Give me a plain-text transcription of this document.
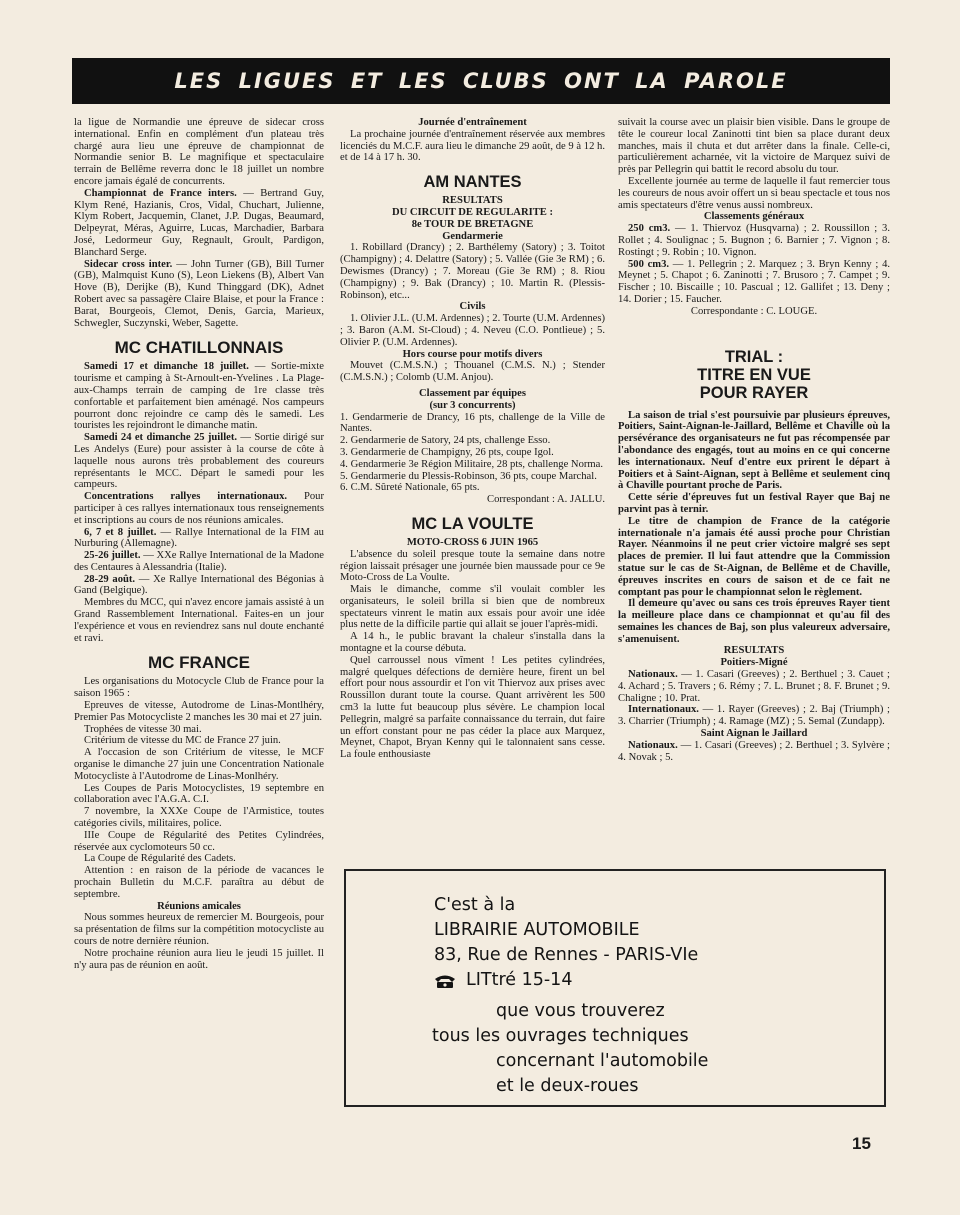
LES LIGUES ET LES CLUBS ONT LA PAROLE

la ligue de Normandie une épreuve de sidecar cross international. Enfin en complément d'un plateau très chargé aura lieu une épreuve de championnat de Normandie senior B. Le magnifique et spectaculaire terrain de Bellême reverra donc le 18 juillet un nombre encore jamais égalé de concurrents.

Championnat de France inters. — Bertrand Guy, Klym René, Hazianis, Cros, Vidal, Chuchart, Julienne, Klym Robert, Jacquemin, Clanet, J.P. Dugas, Beaumard, Delpeyrat, Méras, Aguirre, Lucas, Marchadier, Barbara José, Ledormeur Guy, Regnault, Groult, Pardigon, Blanchard Serge.

Sidecar cross inter. — John Turner (GB), Bill Turner (GB), Malmquist Kuno (S), Leon Liekens (B), Albert Van Hove (B), Derijke (B), Kund Thinggard (DK), Adnet Robert avec sa passagère Claire Blaise, et pour la France : Barat, Bourgeois, Clemot, Denis, Garcia, Marieux, Schwegler, Suczynski, Weber, Sagette.

MC CHATILLONNAIS

Samedi 17 et dimanche 18 juillet. — Sortie-mixte tourisme et camping à St-Arnoult-en-Yvelines . La Plage-aux-Champs terrain de camping de 1re classe très confortable et parfaitement bien aménagé. Nos campeurs pourront donc rejoindre ce camp dès le samedi. Les touristes les rejoindront le dimanche matin.

Samedi 24 et dimanche 25 juillet. — Sortie dirigé sur Les Andelys (Eure) pour assister à la course de côte à laquelle nous aurons très probablement des coureurs représentants le MCC. Départ le samedi pour les campeurs.

Concentrations rallyes internationaux. Pour participer à ces rallyes internationaux tous renseignements et inscriptions au cours de nos réunions amicales.

6, 7 et 8 juillet. — Rallye International de la FIM au Nurburing (Allemagne).

25-26 juillet. — XXe Rallye International de la Madone des Centaures à Alessandria (Italie).

28-29 août. — Xe Rallye International des Bégonias à Gand (Belgique).

Membres du MCC, qui n'avez encore jamais assisté à un Grand Rassemblement International. Faites-en un jour l'expérience et vous en reviendrez sans nul doute enchanté et ravi.

MC FRANCE

Les organisations du Motocycle Club de France pour la saison 1965 :

Epreuves de vitesse, Autodrome de Linas-Montlhéry, Premier Pas Motocycliste 2 manches les 30 mai et 27 juin.

Trophées de vitesse 30 mai.

Critérium de vitesse du MC de France 27 juin.

A l'occasion de son Critérium de vitesse, le MCF organise le dimanche 27 juin une Concentration Nationale Motocycliste à l'Autodrome de Linas-Monlhéry.

Les Coupes de Paris Motocyclistes, 19 septembre en collaboration avec l'A.G.A. C.I.

7 novembre, la XXXe Coupe de l'Armistice, toutes catégories civils, militaires, police.

IIIe Coupe de Régularité des Petites Cylindrées, réservée aux cyclomoteurs 50 cc.

La Coupe de Régularité des Cadets.

Attention : en raison de la période de vacances le prochain Bulletin du M.C.F. paraîtra au début de septembre.

Réunions amicales

Nous sommes heureux de remercier M. Bourgeois, pour sa présentation de films sur la compétition motocycliste au cours de notre dernière réunion.

Notre prochaine réunion aura lieu le jeudi 15 juillet. Il n'y aura pas de réunion en août.

Journée d'entraînement

La prochaine journée d'entraînement réservée aux membres licenciés du M.C.F. aura lieu le dimanche 29 août, de 9 à 12 h. et de 14 à 17 h. 30.

AM NANTES

RESULTATS

DU CIRCUIT DE REGULARITE :

8e TOUR DE BRETAGNE

Gendarmerie

1. Robillard (Drancy) ; 2. Barthélemy (Satory) ; 3. Toitot (Champigny) ; 4. Delattre (Satory) ; 5. Vallée (Gie 3e RM) ; 6. Dewismes (Drancy) ; 7. Moreau (Gie 3e RM) ; 8. Riou (Champigny) ; 9. Bak (Drancy) ; 10. Martin R. (Plessis-Robinson), etc...

Civils

1. Olivier J.L. (U.M. Ardennes) ; 2. Tourte (U.M. Ardennes) ; 3. Baron (A.M. St-Cloud) ; 4. Neveu (C.O. Pontlieue) ; 5. Olivier P. (U.M. Ardennes).

Hors course pour motifs divers

Mouvet (C.M.S.N.) ; Thouanel (C.M.S. N.) ; Stender (C.M.S.N.) ; Colomb (U.M. Anjou).

Classement par équipes

(sur 3 concurrents)

1. Gendarmerie de Drancy, 16 pts, challenge de la Ville de Nantes.

2. Gendarmerie de Satory, 24 pts, challenge Esso.

3. Gendarmerie de Champigny, 26 pts, coupe Igol.

4. Gendarmerie 3e Région Militaire, 28 pts, challenge Norma.

5. Gendarmerie du Plessis-Robinson, 36 pts, coupe Marchal.

6. C.M. Sûreté Nationale, 65 pts.

Correspondant : A. JALLU.

MC LA VOULTE

MOTO-CROSS 6 JUIN 1965

L'absence du soleil presque toute la semaine dans notre région laissait présager une journée bien maussade pour ce 9e Moto-Cross de La Voulte.

Mais le dimanche, comme s'il voulait combler les organisateurs, le soleil brilla si bien que de nombreux spectateurs vinrent le matin aux essais pour avoir une idée plus nette de la difficile partie qui allait se jouer l'après-midi.

A 14 h., le public bravant la chaleur s'installa dans la montagne et la course débuta.

Quel carroussel nous vîment ! Les petites cylindrées, malgré quelques défections de dernière heure, firent un bel effort pour nous assourdir et l'on vit Thiervoz aux prises avec Roussillon durant toute la course. Quant arrivèrent les 500 cm3 la lutte fut beaucoup plus sévère. Le champion local Pellegrin, malgré sa parfaite connaissance du terrain, dut faire un effort constant pour ne pas céder la place aux Marquez, Meynet, Chapot, Bryan Kenny qui le talonnaient sans cesse. La foule enthousiaste

suivait la course avec un plaisir bien visible. Dans le groupe de tête le coureur local Zaninotti tint bien sa place durant deux manches, mais il chuta et dut arrêter dans la finale. Celle-ci, particulièrement acharnée, vit la victoire de Marquez suivi de près par Pellegrin qui battit le record absolu du tour.

Excellente journée au terme de laquelle il faut remercier tous les coureurs de nous avoir offert un si beau spectacle et tous nos amis spectateurs d'être venus aussi nombreux.

Classements généraux

250 cm3. — 1. Thiervoz (Husqvarna) ; 2. Roussillon ; 3. Rollet ; 4. Soulignac ; 5. Bugnon ; 6. Barnier ; 7. Vignon ; 8. Rostingt ; 9. Robin ; 10. Vignon.

500 cm3. — 1. Pellegrin ; 2. Marquez ; 3. Bryn Kenny ; 4. Meynet ; 5. Chapot ; 6. Zaninotti ; 7. Brusoro ; 7. Campet ; 9. Fischer ; 10. Biscaille ; 10. Pascual ; 12. Gallifet ; 13. Deny ; 14. Dorier ; 15. Faucher.

Correspondante : C. LOUGE.

TRIAL :
TITRE EN VUE
POUR RAYER

La saison de trial s'est poursuivie par plusieurs épreuves, Poitiers, Saint-Aignan-le-Jaillard, Bellême et Chaville où la persévérance des organisateurs ne fut pas récompensée par l'abondance des engagés, tout au moins en ce qui concerne les internationaux. Neuf d'entre eux prirent le départ à Poitiers et à Saint-Aignan, sept à Bellême et seulement cinq à Chaville pourtant proche de Paris.

Cette série d'épreuves fut un festival Rayer que Baj ne parvint pas à ternir.

Le titre de champion de France de la catégorie internationale n'a jamais été aussi proche pour Christian Rayer. Néanmoins il ne peut crier victoire malgré ses sept places de premier. Il lui faut attendre que la Commission statue sur le cas de St-Aignan, de Bellême et de Chaville, épreuves inscrites en cours de saison et de ce fait ne comptant pas pour le championnat selon le règlement.

Il demeure qu'avec ou sans ces trois épreuves Rayer tient la meilleure place dans ce championnat et qu'au fil des semaines les chances de Baj, son plus valeureux adversaire, s'amenuisent.

RESULTATS

Poitiers-Migné

Nationaux. — 1. Casari (Greeves) ; 2. Berthuel ; 3. Cauet ; 4. Achard ; 5. Travers ; 6. Rémy ; 7. L. Brunet ; 8. F. Brunet ; 9. Chaligne ; 10. Prat.

Internationaux. — 1. Rayer (Greeves) ; 2. Baj (Triumph) ; 3. Charrier (Triumph) ; 4. Ramage (MZ) ; 5. Semal (Zundapp).

Saint Aignan le Jaillard

Nationaux. — 1. Casari (Greeves) ; 2. Berthuel ; 3. Sylvère ; 4. Novak ; 5.

C'est à la
LIBRAIRIE AUTOMOBILE
83, Rue de Rennes - PARIS-VIe
LITtré 15-14
que vous trouverez
tous les ouvrages techniques
concernant l'automobile
et le deux-roues
15
